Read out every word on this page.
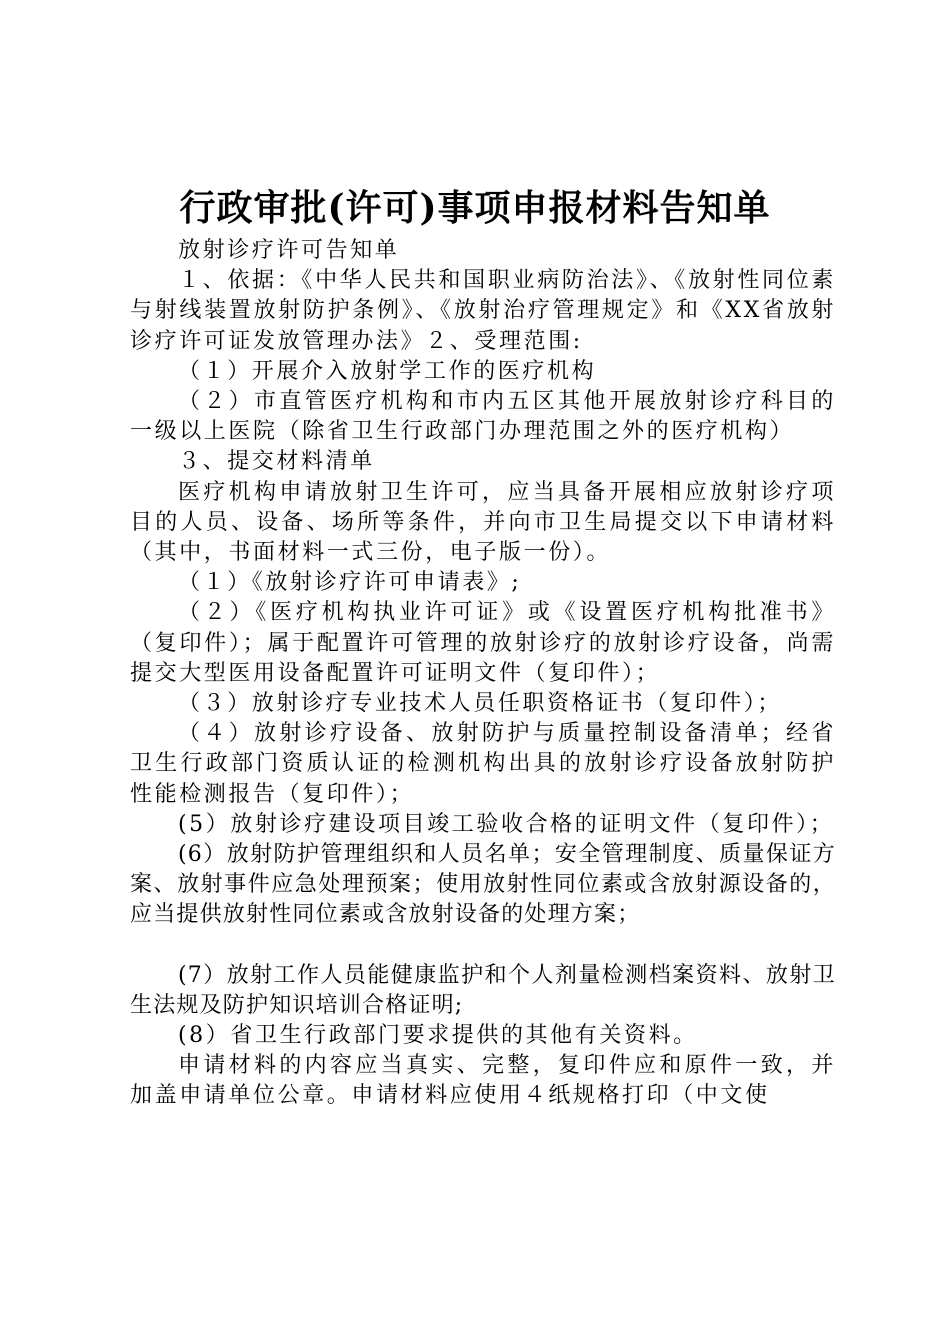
行政审批(许可)事项申报材料告知单

放射诊疗许可告知单

１、依据：《中华人民共和国职业病防治法》、《放射性同位素与射线装置放射防护条例》、《放射治疗管理规定》和《XX省放射诊疗许可证发放管理办法》２、受理范围:

（１）开展介入放射学工作的医疗机构

（２）市直管医疗机构和市内五区其他开展放射诊疗科目的一级以上医院（除省卫生行政部门办理范围之外的医疗机构）

３、提交材料清单

医疗机构申请放射卫生许可，应当具备开展相应放射诊疗项目的人员、设备、场所等条件，并向市卫生局提交以下申请材料（其中，书面材料一式三份，电子版一份）。

（１）《放射诊疗许可申请表》;

（２）《医疗机构执业许可证》或《设置医疗机构批准书》（复印件）；属于配置许可管理的放射诊疗的放射诊疗设备，尚需提交大型医用设备配置许可证明文件（复印件）；

（３）放射诊疗专业技术人员任职资格证书（复印件）；

（４）放射诊疗设备、放射防护与质量控制设备清单；经省卫生行政部门资质认证的检测机构出具的放射诊疗设备放射防护性能检测报告（复印件）；

(5）放射诊疗建设项目竣工验收合格的证明文件（复印件）；

(6）放射防护管理组织和人员名单；安全管理制度、质量保证方案、放射事件应急处理预案；使用放射性同位素或含放射源设备的，应当提供放射性同位素或含放射设备的处理方案；

(7）放射工作人员能健康监护和个人剂量检测档案资料、放射卫生法规及防护知识培训合格证明;

(8）省卫生行政部门要求提供的其他有关资料。

申请材料的内容应当真实、完整，复印件应和原件一致，并加盖申请单位公章。申请材料应使用４纸规格打印（中文使
